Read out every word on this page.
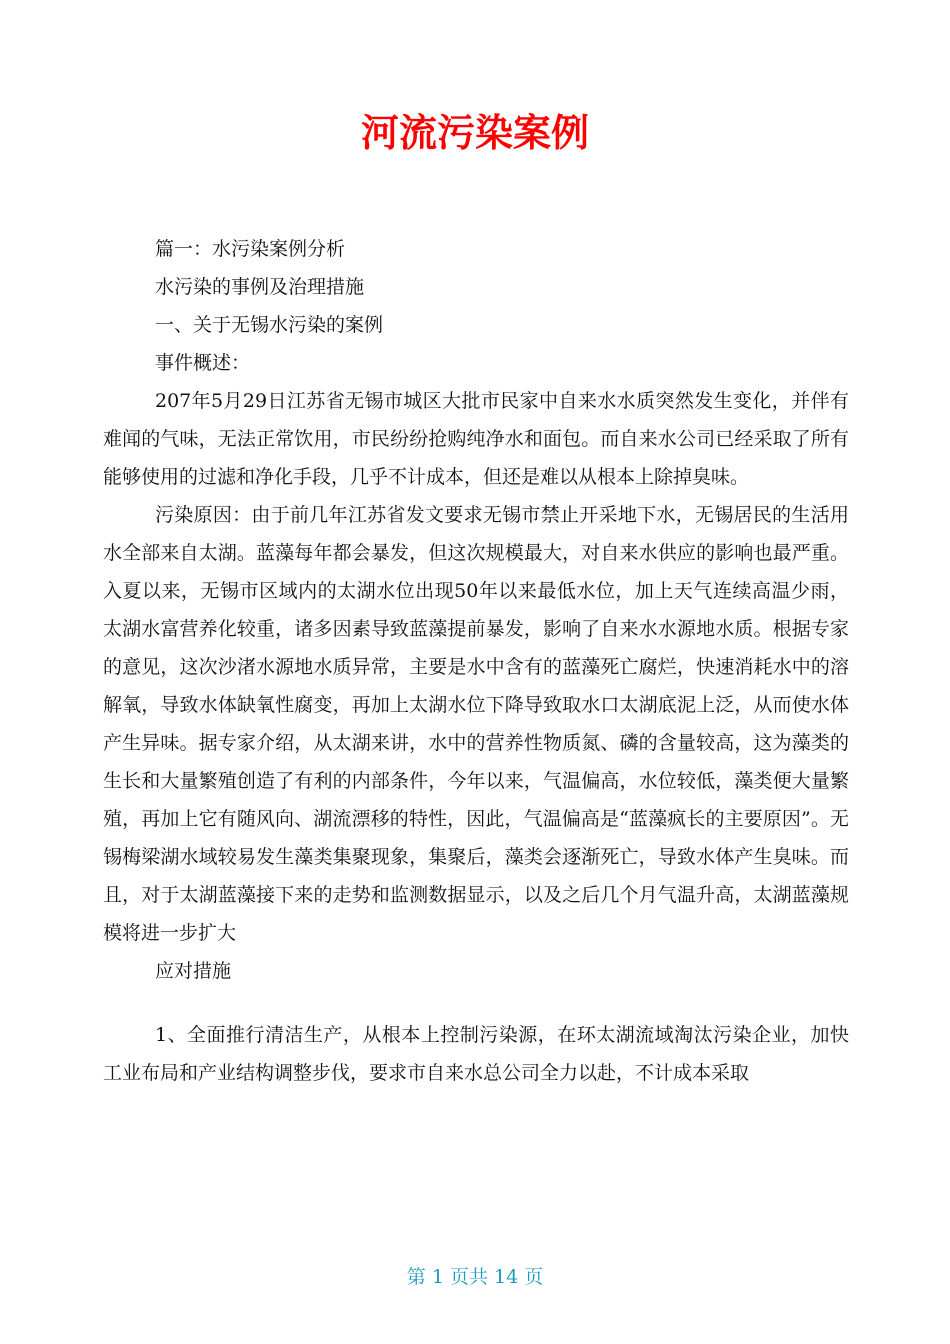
河流污染案例

篇一：水污染案例分析

水污染的事例及治理措施

一、关于无锡水污染的案例

事件概述：

207年5月29日江苏省无锡市城区大批市民家中自来水水质突然发生变化，并伴有难闻的气味，无法正常饮用，市民纷纷抢购纯净水和面包。而自来水公司已经采取了所有能够使用的过滤和净化手段，几乎不计成本，但还是难以从根本上除掉臭味。

污染原因：由于前几年江苏省发文要求无锡市禁止开采地下水，无锡居民的生活用水全部来自太湖。蓝藻每年都会暴发，但这次规模最大，对自来水供应的影响也最严重。入夏以来，无锡市区域内的太湖水位出现50年以来最低水位，加上天气连续高温少雨，太湖水富营养化较重，诸多因素导致蓝藻提前暴发，影响了自来水水源地水质。根据专家的意见，这次沙渚水源地水质异常，主要是水中含有的蓝藻死亡腐烂，快速消耗水中的溶解氧，导致水体缺氧性腐变，再加上太湖水位下降导致取水口太湖底泥上泛，从而使水体产生异味。据专家介绍，从太湖来讲，水中的营养性物质氮、磷的含量较高，这为藻类的生长和大量繁殖创造了有利的内部条件，今年以来，气温偏高，水位较低，藻类便大量繁殖，再加上它有随风向、湖流漂移的特性，因此，气温偏高是“蓝藻疯长的主要原因”。无锡梅梁湖水域较易发生藻类集聚现象，集聚后，藻类会逐渐死亡，导致水体产生臭味。而且，对于太湖蓝藻接下来的走势和监测数据显示，以及之后几个月气温升高，太湖蓝藻规模将进一步扩大

应对措施

1、全面推行清洁生产，从根本上控制污染源，在环太湖流域淘汰污染企业，加快工业布局和产业结构调整步伐，要求市自来水总公司全力以赴，不计成本采取

第 1 页共 14 页
